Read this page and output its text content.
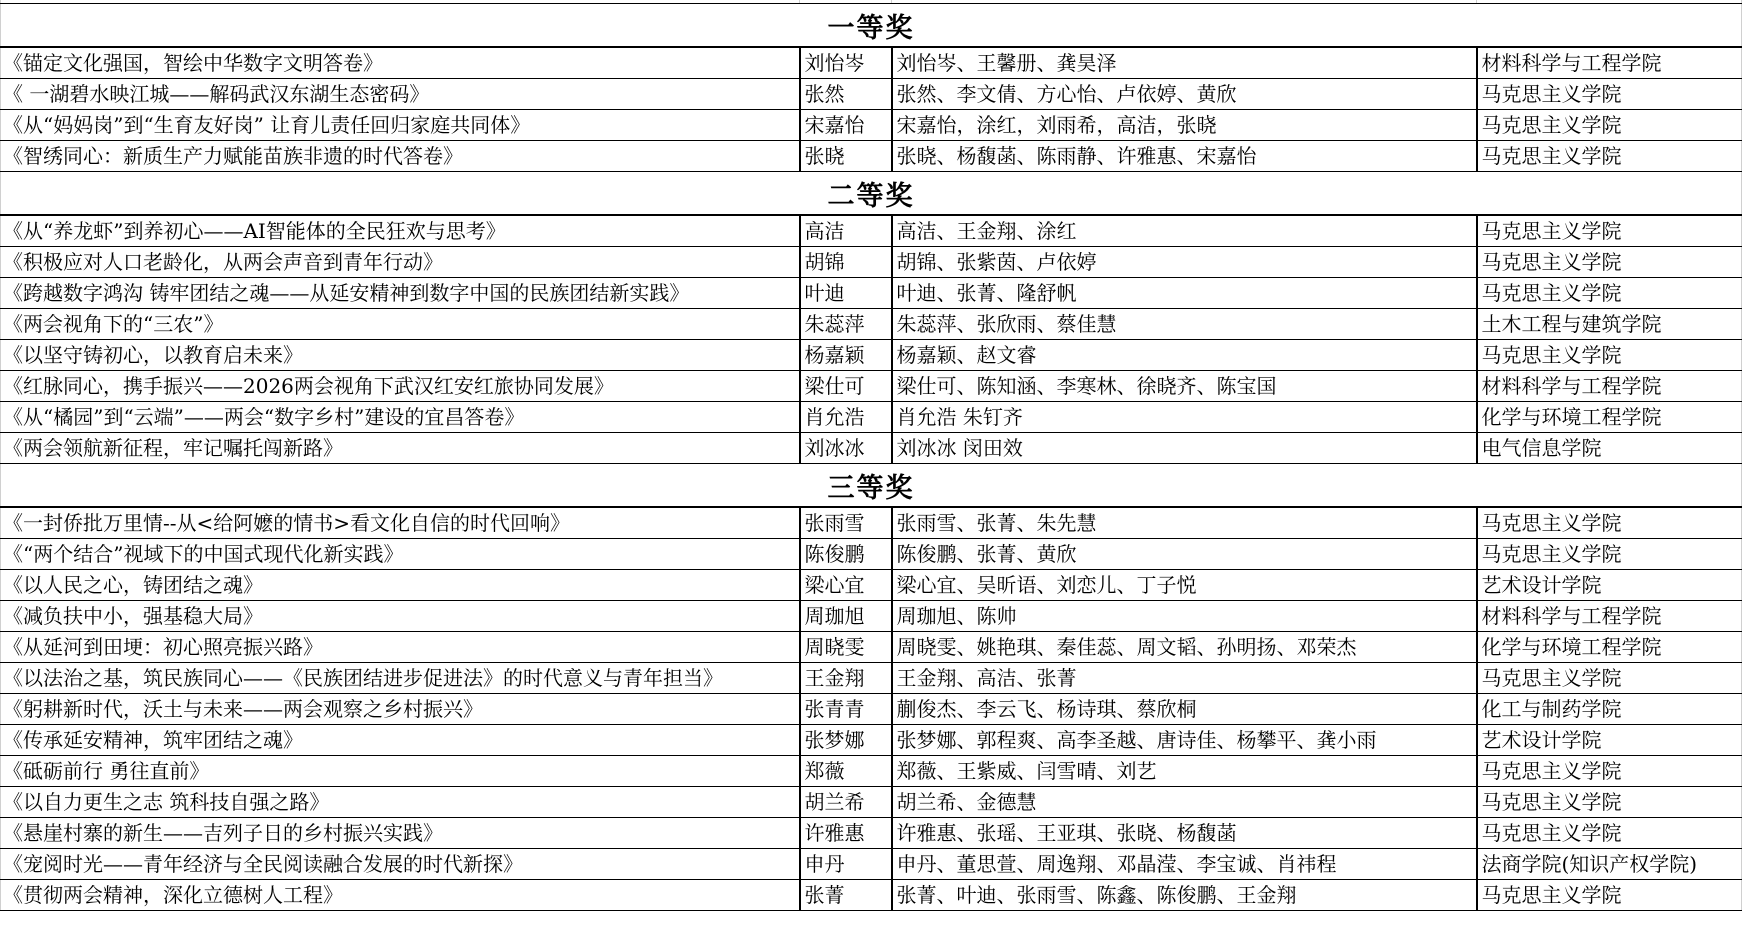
一等奖			
《锚定文化强国，智绘中华数字文明答卷》	刘怡岑	刘怡岑、王馨册、龚昊泽	材料科学与工程学院
《 一湖碧水映江城——解码武汉东湖生态密码》	张然	张然、李文倩、方心怡、卢依婷、黄欣	马克思主义学院
《从“妈妈岗”到“生育友好岗” 让育儿责任回归家庭共同体》	宋嘉怡	宋嘉怡，涂红，刘雨希，高洁，张晓	马克思主义学院
《智绣同心：新质生产力赋能苗族非遗的时代答卷》	张晓	张晓、杨馥菡、陈雨静、许雅惠、宋嘉怡	马克思主义学院
二等奖			
《从“养龙虾”到养初心——AI智能体的全民狂欢与思考》	高洁	高洁、王金翔、涂红	马克思主义学院
《积极应对人口老龄化，从两会声音到青年行动》	胡锦	胡锦、张紫茵、卢依婷	马克思主义学院
《跨越数字鸿沟 铸牢团结之魂——从延安精神到数字中国的民族团结新实践》	叶迪	叶迪、张菁、隆舒帆	马克思主义学院
《两会视角下的“三农”》	朱蕊萍	朱蕊萍、张欣雨、蔡佳慧	土木工程与建筑学院
《以坚守铸初心，以教育启未来》	杨嘉颖	杨嘉颖、赵文睿	马克思主义学院
《红脉同心，携手振兴——2026两会视角下武汉红安红旅协同发展》	梁仕可	梁仕可、陈知涵、李寒林、徐晓齐、陈宝国	材料科学与工程学院
《从“橘园”到“云端”——两会“数字乡村”建设的宜昌答卷》	肖允浩	肖允浩 朱钉齐	化学与环境工程学院
《两会领航新征程，牢记嘱托闯新路》	刘冰冰	刘冰冰 闵田效	电气信息学院
三等奖			
《一封侨批万里情--从<给阿嬷的情书>看文化自信的时代回响》	张雨雪	张雨雪、张菁、朱先慧	马克思主义学院
《“两个结合”视域下的中国式现代化新实践》	陈俊鹏	陈俊鹏、张菁、黄欣	马克思主义学院
《以人民之心，铸团结之魂》	梁心宜	梁心宜、吴昕语、刘恋儿、丁子悦	艺术设计学院
《减负扶中小，强基稳大局》	周珈旭	周珈旭、陈帅	材料科学与工程学院
《从延河到田埂：初心照亮振兴路》	周晓雯	周晓雯、姚艳琪、秦佳蕊、周文韬、孙明扬、邓荣杰	化学与环境工程学院
《以法治之基，筑民族同心——《民族团结进步促进法》的时代意义与青年担当》	王金翔	王金翔、高洁、张菁	马克思主义学院
《躬耕新时代，沃土与未来——两会观察之乡村振兴》	张青青	蒯俊杰、李云飞、杨诗琪、蔡欣桐	化工与制药学院
《传承延安精神，筑牢团结之魂》	张梦娜	张梦娜、郭程爽、高李圣越、唐诗佳、杨攀平、龚小雨	艺术设计学院
《砥砺前行 勇往直前》	郑薇	郑薇、王紫威、闫雪晴、刘艺	马克思主义学院
《以自力更生之志 筑科技自强之路》	胡兰希	胡兰希、金德慧	马克思主义学院
《悬崖村寨的新生——吉列子日的乡村振兴实践》	许雅惠	许雅惠、张瑶、王亚琪、张晓、杨馥菡	马克思主义学院
《宠阅时光——青年经济与全民阅读融合发展的时代新探》	申丹	申丹、董思萱、周逸翔、邓晶滢、李宝诚、肖祎程	法商学院(知识产权学院)
《贯彻两会精神，深化立德树人工程》	张菁	张菁、叶迪、张雨雪、陈鑫、陈俊鹏、王金翔	马克思主义学院
